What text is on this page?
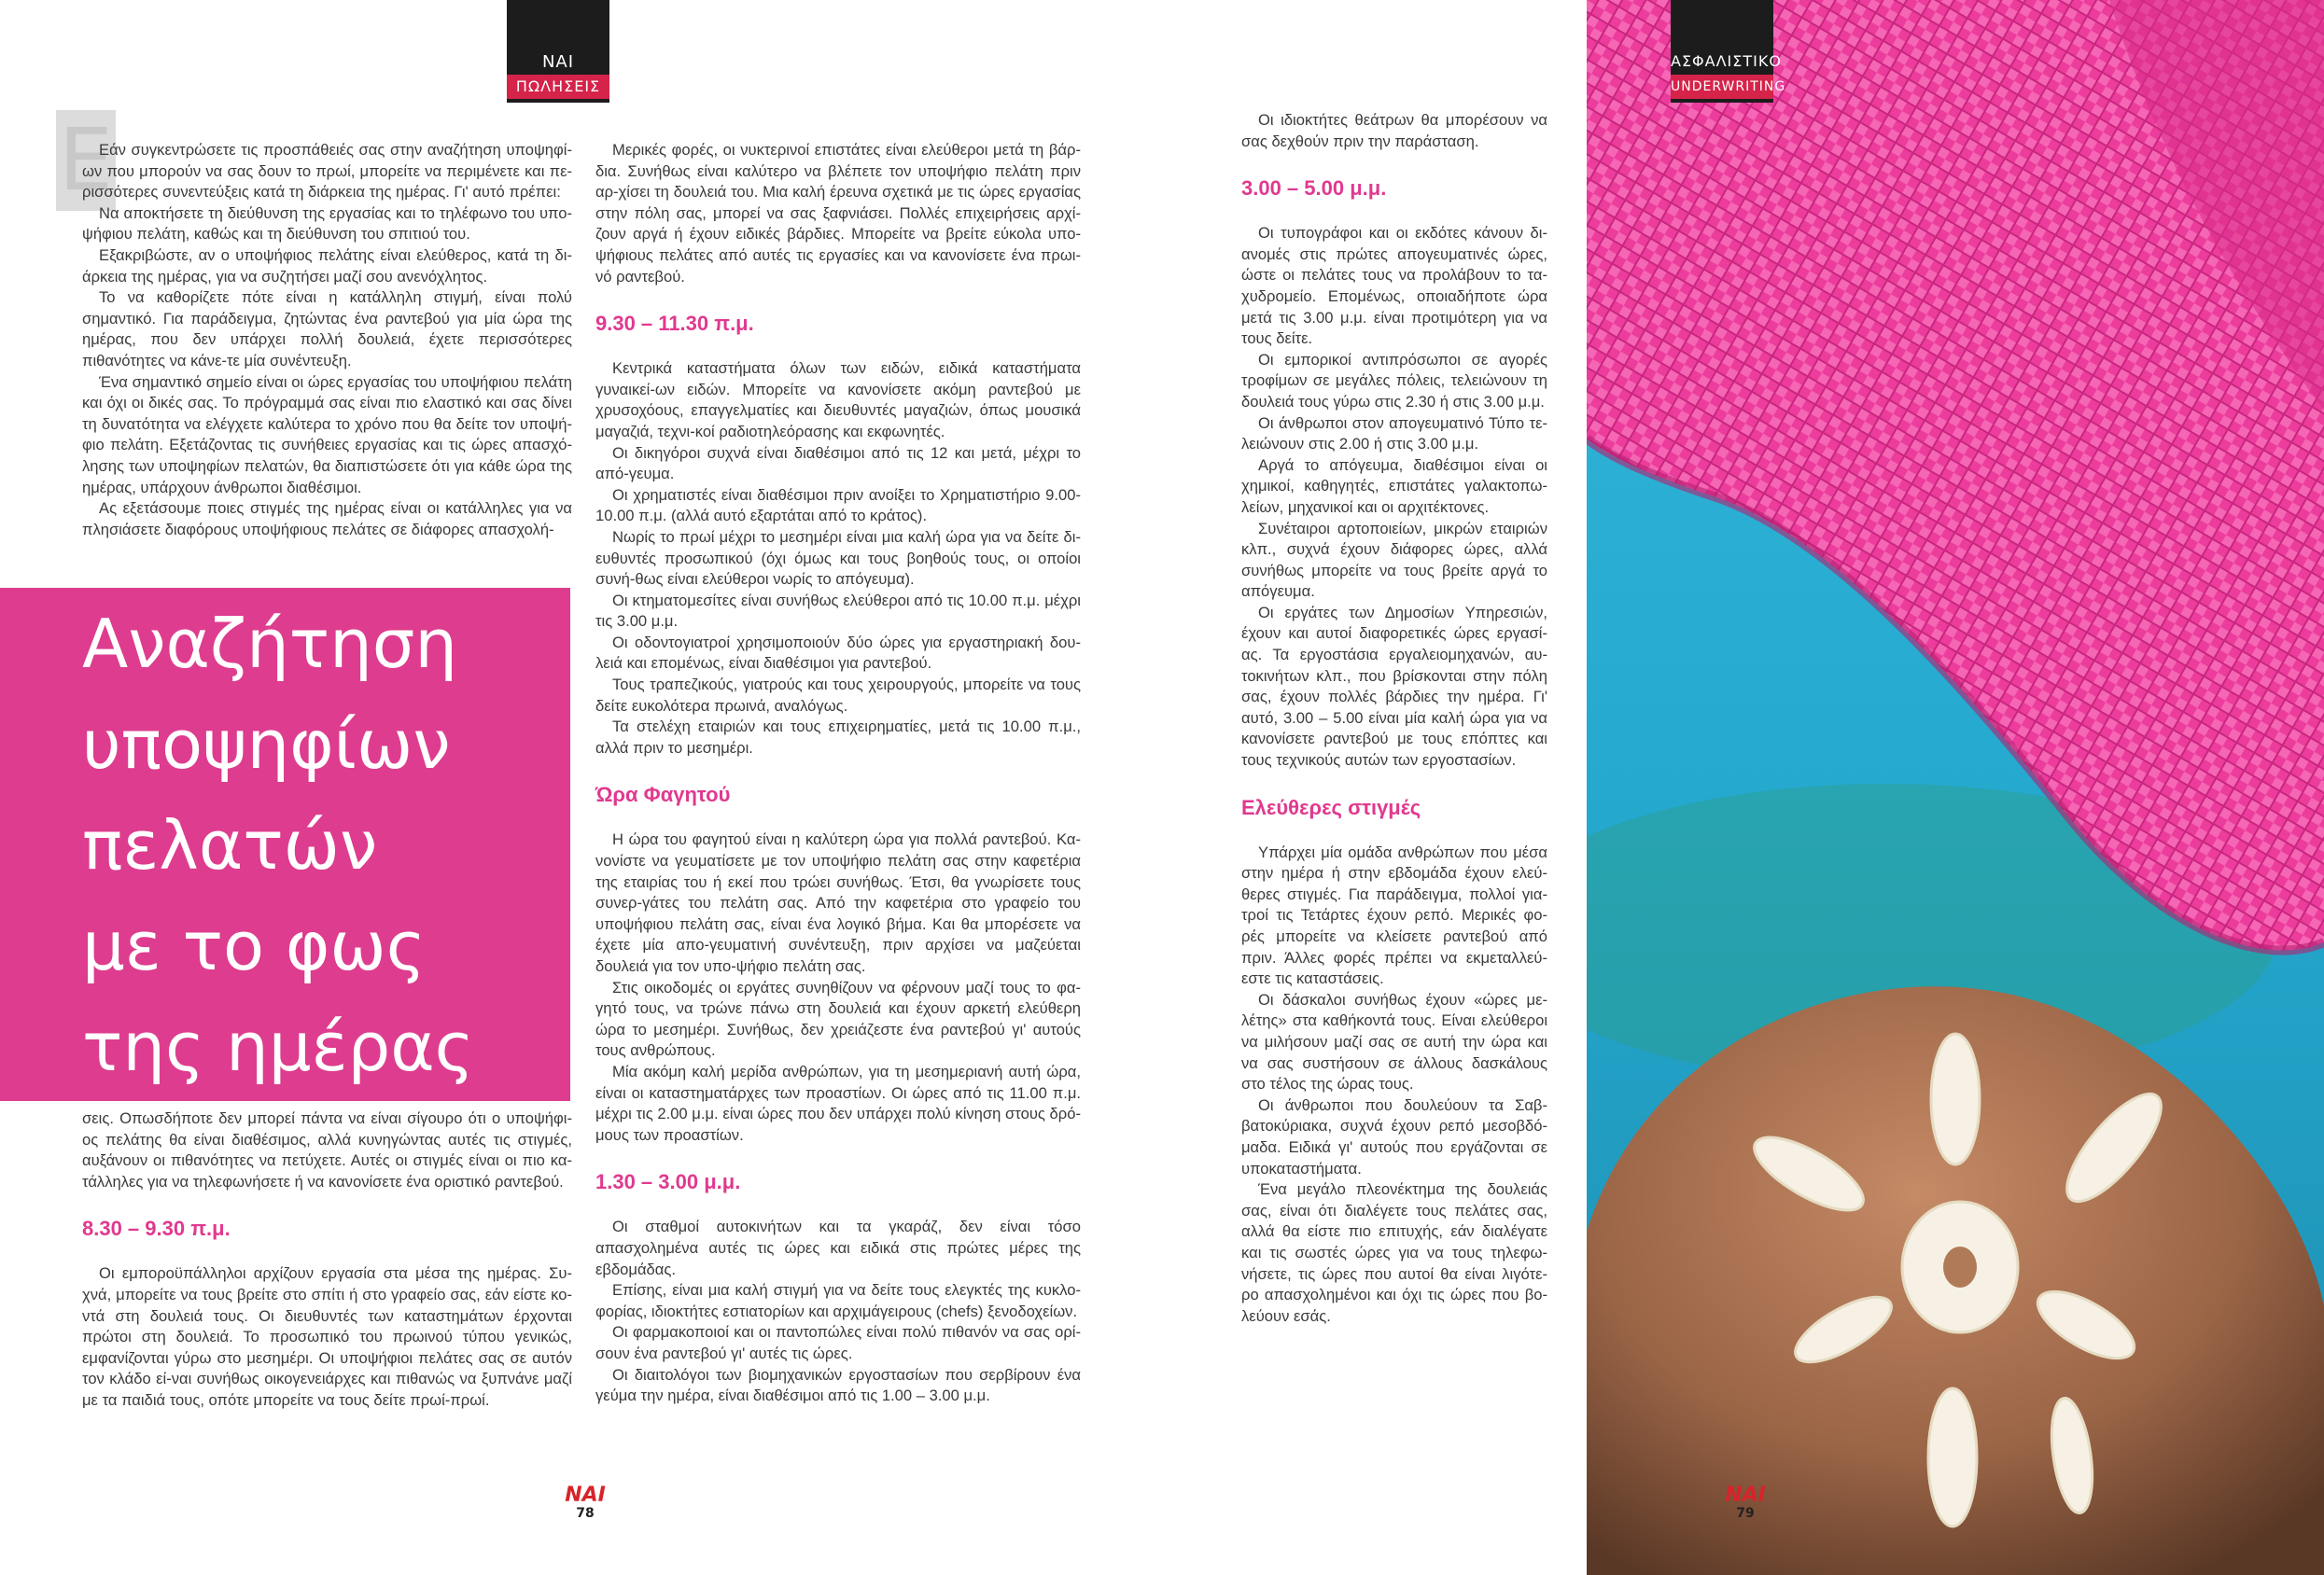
ΝΑΙ
ΠΩΛΗΣΕΙΣ
Ε

Εάν συγκεντρώσετε τις προσπάθειές σας στην αναζήτηση υποψηφί-ων που μπορούν να σας δουν το πρωί, μπορείτε να περιμένετε και πε-ρισσότερες συνεντεύξεις κατά τη διάρκεια της ημέρας. Γι' αυτό πρέπει:

Να αποκτήσετε τη διεύθυνση της εργασίας και το τηλέφωνο του υπο-ψήφιου πελάτη, καθώς και τη διεύθυνση του σπιτιού του.

Εξακριβώστε, αν ο υποψήφιος πελάτης είναι ελεύθερος, κατά τη δι-άρκεια της ημέρας, για να συζητήσει μαζί σου ανενόχλητος.

Το να καθορίζετε πότε είναι η κατάλληλη στιγμή, είναι πολύ σημαντικό. Για παράδειγμα, ζητώντας ένα ραντεβού για μία ώρα της ημέρας, που δεν υπάρχει πολλή δουλειά, έχετε περισσότερες πιθανότητες να κάνε-τε μία συνέντευξη.

Ένα σημαντικό σημείο είναι οι ώρες εργασίας του υποψήφιου πελάτη και όχι οι δικές σας. Το πρόγραμμά σας είναι πιο ελαστικό και σας δίνει τη δυνατότητα να ελέγχετε καλύτερα το χρόνο που θα δείτε τον υποψή-φιο πελάτη. Εξετάζοντας τις συνήθειες εργασίας και τις ώρες απασχό-λησης των υποψηφίων πελατών, θα διαπιστώσετε ότι για κάθε ώρα της ημέρας, υπάρχουν άνθρωποι διαθέσιμοι.

Ας εξετάσουμε ποιες στιγμές της ημέρας είναι οι κατάλληλες για να πλησιάσετε διαφόρους υποψήφιους πελάτες σε διάφορες απασχολή-

Αναζήτηση
υποψηφίων
πελατών
με το φως
της ημέρας

σεις. Οπωσδήποτε δεν μπορεί πάντα να είναι σίγουρο ότι ο υποψήφι-ος πελάτης θα είναι διαθέσιμος, αλλά κυνηγώντας αυτές τις στιγμές, αυξάνουν οι πιθανότητες να πετύχετε. Αυτές οι στιγμές είναι οι πιο κα-τάλληλες για να τηλεφωνήσετε ή να κανονίσετε ένα οριστικό ραντεβού.

8.30 – 9.30 π.μ.

Οι εμποροϋπάλληλοι αρχίζουν εργασία στα μέσα της ημέρας. Συ-χνά, μπορείτε να τους βρείτε στο σπίτι ή στο γραφείο σας, εάν είστε κο-ντά στη δουλειά τους. Οι διευθυντές των καταστημάτων έρχονται πρώτοι στη δουλειά. Το προσωπικό του πρωινού τύπου γενικώς, εμφανίζονται γύρω στο μεσημέρι. Οι υποψήφιοι πελάτες σας σε αυτόν τον κλάδο εί-ναι συνήθως οικογενειάρχες και πιθανώς να ξυπνάνε μαζί με τα παιδιά τους, οπότε μπορείτε να τους δείτε πρωί-πρωί.

Μερικές φορές, οι νυκτερινοί επιστάτες είναι ελεύθεροι μετά τη βάρ-δια. Συνήθως είναι καλύτερο να βλέπετε τον υποψήφιο πελάτη πριν αρ-χίσει τη δουλειά του. Μια καλή έρευνα σχετικά με τις ώρες εργασίας στην πόλη σας, μπορεί να σας ξαφνιάσει. Πολλές επιχειρήσεις αρχί-ζουν αργά ή έχουν ειδικές βάρδιες. Μπορείτε να βρείτε εύκολα υπο-ψήφιους πελάτες από αυτές τις εργασίες και να κανονίσετε ένα πρωι-νό ραντεβού.

9.30 – 11.30 π.μ.

Κεντρικά καταστήματα όλων των ειδών, ειδικά καταστήματα γυναικεί-ων ειδών. Μπορείτε να κανονίσετε ακόμη ραντεβού με χρυσοχόους, επαγγελματίες και διευθυντές μαγαζιών, όπως μουσικά μαγαζιά, τεχνι-κοί ραδιοτηλεόρασης και εκφωνητές.

Οι δικηγόροι συχνά είναι διαθέσιμοι από τις 12 και μετά, μέχρι το από-γευμα.

Οι χρηματιστές είναι διαθέσιμοι πριν ανοίξει το Χρηματιστήριο 9.00-10.00 π.μ. (αλλά αυτό εξαρτάται από το κράτος).

Νωρίς το πρωί μέχρι το μεσημέρι είναι μια καλή ώρα για να δείτε δι-ευθυντές προσωπικού (όχι όμως και τους βοηθούς τους, οι οποίοι συνή-θως είναι ελεύθεροι νωρίς το απόγευμα).

Οι κτηματομεσίτες είναι συνήθως ελεύθεροι από τις 10.00 π.μ. μέχρι τις 3.00 μ.μ.

Οι οδοντογιατροί χρησιμοποιούν δύο ώρες για εργαστηριακή δου-λειά και επομένως, είναι διαθέσιμοι για ραντεβού.

Τους τραπεζικούς, γιατρούς και τους χειρουργούς, μπορείτε να τους δείτε ευκολότερα πρωινά, αναλόγως.

Τα στελέχη εταιριών και τους επιχειρηματίες, μετά τις 10.00 π.μ., αλλά πριν το μεσημέρι.

Ώρα Φαγητού

Η ώρα του φαγητού είναι η καλύτερη ώρα για πολλά ραντεβού. Κα-νονίστε να γευματίσετε με τον υποψήφιο πελάτη σας στην καφετέρια της εταιρίας του ή εκεί που τρώει συνήθως. Έτσι, θα γνωρίσετε τους συνερ-γάτες του πελάτη σας. Από την καφετέρια στο γραφείο του υποψήφιου πελάτη σας, είναι ένα λογικό βήμα. Και θα μπορέσετε να έχετε μία απο-γευματινή συνέντευξη, πριν αρχίσει να μαζεύεται δουλειά για τον υπο-ψήφιο πελάτη σας.

Στις οικοδομές οι εργάτες συνηθίζουν να φέρνουν μαζί τους το φα-γητό τους, να τρώνε πάνω στη δουλειά και έχουν αρκετή ελεύθερη ώρα το μεσημέρι. Συνήθως, δεν χρειάζεστε ένα ραντεβού γι' αυτούς τους ανθρώπους.

Μία ακόμη καλή μερίδα ανθρώπων, για τη μεσημεριανή αυτή ώρα, είναι οι καταστηματάρχες των προαστίων. Οι ώρες από τις 11.00 π.μ. μέχρι τις 2.00 μ.μ. είναι ώρες που δεν υπάρχει πολύ κίνηση στους δρό-μους των προαστίων.

1.30 – 3.00 μ.μ.

Οι σταθμοί αυτοκινήτων και τα γκαράζ, δεν είναι τόσο απασχολημένα αυτές τις ώρες και ειδικά στις πρώτες μέρες της εβδομάδας.

Επίσης, είναι μια καλή στιγμή για να δείτε τους ελεγκτές της κυκλο-φορίας, ιδιοκτήτες εστιατορίων και αρχιμάγειρους (chefs) ξενοδοχείων.

Οι φαρμακοποιοί και οι παντοπώλες είναι πολύ πιθανόν να σας ορί-σουν ένα ραντεβού γι' αυτές τις ώρες.

Οι διαιτολόγοι των βιομηχανικών εργοστασίων που σερβίρουν ένα γεύμα την ημέρα, είναι διαθέσιμοι από τις 1.00 – 3.00 μ.μ.

ΝΑΙ
78

Οι ιδιοκτήτες θεάτρων θα μπορέσουν να σας δεχθούν πριν την παράσταση.

3.00 – 5.00 μ.μ.

Οι τυπογράφοι και οι εκδότες κάνουν δι-ανομές στις πρώτες απογευματινές ώρες, ώστε οι πελάτες τους να προλάβουν το τα-χυδρομείο. Επομένως, οποιαδήποτε ώρα μετά τις 3.00 μ.μ. είναι προτιμότερη για να τους δείτε.

Οι εμπορικοί αντιπρόσωποι σε αγορές τροφίμων σε μεγάλες πόλεις, τελειώνουν τη δουλειά τους γύρω στις 2.30 ή στις 3.00 μ.μ.

Οι άνθρωποι στον απογευματινό Τύπο τε-λειώνουν στις 2.00 ή στις 3.00 μ.μ.

Αργά το απόγευμα, διαθέσιμοι είναι οι χημικοί, καθηγητές, επιστάτες γαλακτοπω-λείων, μηχανικοί και οι αρχιτέκτονες.

Συνέταιροι αρτοποιείων, μικρών εταιριών κλπ., συχνά έχουν διάφορες ώρες, αλλά συνήθως μπορείτε να τους βρείτε αργά το απόγευμα.

Οι εργάτες των Δημοσίων Υπηρεσιών, έχουν και αυτοί διαφορετικές ώρες εργασί-ας. Τα εργοστάσια εργαλειομηχανών, αυ-τοκινήτων κλπ., που βρίσκονται στην πόλη σας, έχουν πολλές βάρδιες την ημέρα. Γι' αυτό, 3.00 – 5.00 είναι μία καλή ώρα για να κανονίσετε ραντεβού με τους επόπτες και τους τεχνικούς αυτών των εργοστασίων.

Ελεύθερες στιγμές

Υπάρχει μία ομάδα ανθρώπων που μέσα στην ημέρα ή στην εβδομάδα έχουν ελεύ-θερες στιγμές. Για παράδειγμα, πολλοί για-τροί τις Τετάρτες έχουν ρεπό. Μερικές φο-ρές μπορείτε να κλείσετε ραντεβού από πριν. Άλλες φορές πρέπει να εκμεταλλεύ-εστε τις καταστάσεις.

Οι δάσκαλοι συνήθως έχουν «ώρες με-λέτης» στα καθήκοντά τους. Είναι ελεύθεροι να μιλήσουν μαζί σας σε αυτή την ώρα και να σας συστήσουν σε άλλους δασκάλους στο τέλος της ώρας τους.

Οι άνθρωποι που δουλεύουν τα Σαβ-βατοκύριακα, συχνά έχουν ρεπό μεσοβδό-μαδα. Ειδικά γι' αυτούς που εργάζονται σε υποκαταστήματα.

Ένα μεγάλο πλεονέκτημα της δουλειάς σας, είναι ότι διαλέγετε τους πελάτες σας, αλλά θα είστε πιο επιτυχής, εάν διαλέγατε και τις σωστές ώρες για να τους τηλεφω-νήσετε, τις ώρες που αυτοί θα είναι λιγότε-ρο απασχολημένοι και όχι τις ώρες που βο-λεύουν εσάς.

ΑΣΦΑΛΙΣΤΙΚΟ
UNDERWRITING
ΝΑΙ
79
